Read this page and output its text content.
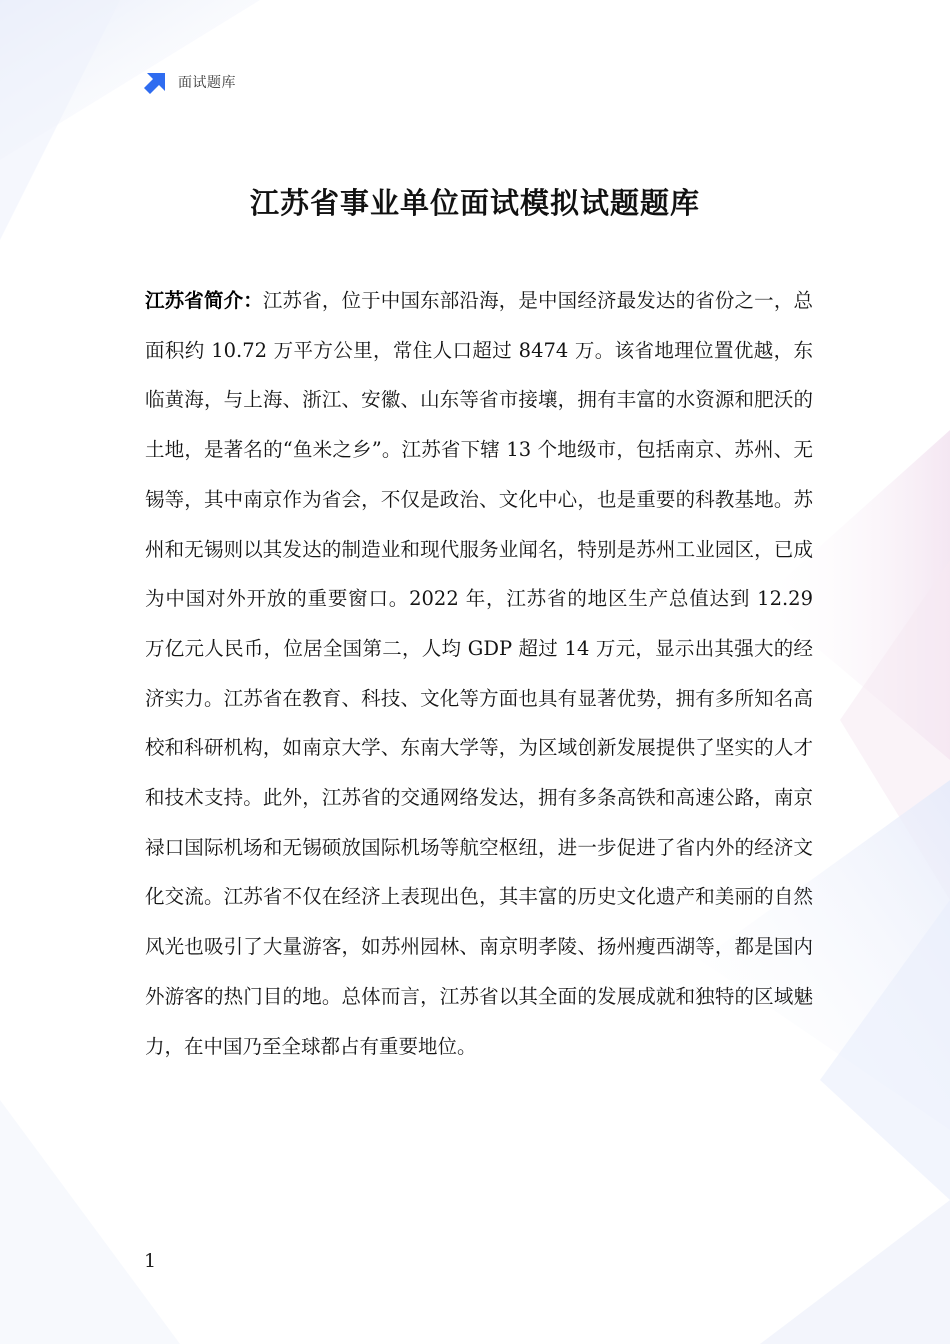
面试题库
江苏省事业单位面试模拟试题题库

江苏省简介：江苏省，位于中国东部沿海，是中国经济最发达的省份之一，总面积约 10.72 万平方公里，常住人口超过 8474 万。该省地理位置优越，东临黄海，与上海、浙江、安徽、山东等省市接壤，拥有丰富的水资源和肥沃的土地，是著名的“鱼米之乡”。江苏省下辖 13 个地级市，包括南京、苏州、无锡等，其中南京作为省会，不仅是政治、文化中心，也是重要的科教基地。苏州和无锡则以其发达的制造业和现代服务业闻名，特别是苏州工业园区，已成为中国对外开放的重要窗口。2022 年，江苏省的地区生产总值达到 12.29 万亿元人民币，位居全国第二，人均 GDP 超过 14 万元，显示出其强大的经济实力。江苏省在教育、科技、文化等方面也具有显著优势，拥有多所知名高校和科研机构，如南京大学、东南大学等，为区域创新发展提供了坚实的人才和技术支持。此外，江苏省的交通网络发达，拥有多条高铁和高速公路，南京禄口国际机场和无锡硕放国际机场等航空枢纽，进一步促进了省内外的经济文化交流。江苏省不仅在经济上表现出色，其丰富的历史文化遗产和美丽的自然风光也吸引了大量游客，如苏州园林、南京明孝陵、扬州瘦西湖等，都是国内外游客的热门目的地。总体而言，江苏省以其全面的发展成就和独特的区域魅力，在中国乃至全球都占有重要地位。

1
